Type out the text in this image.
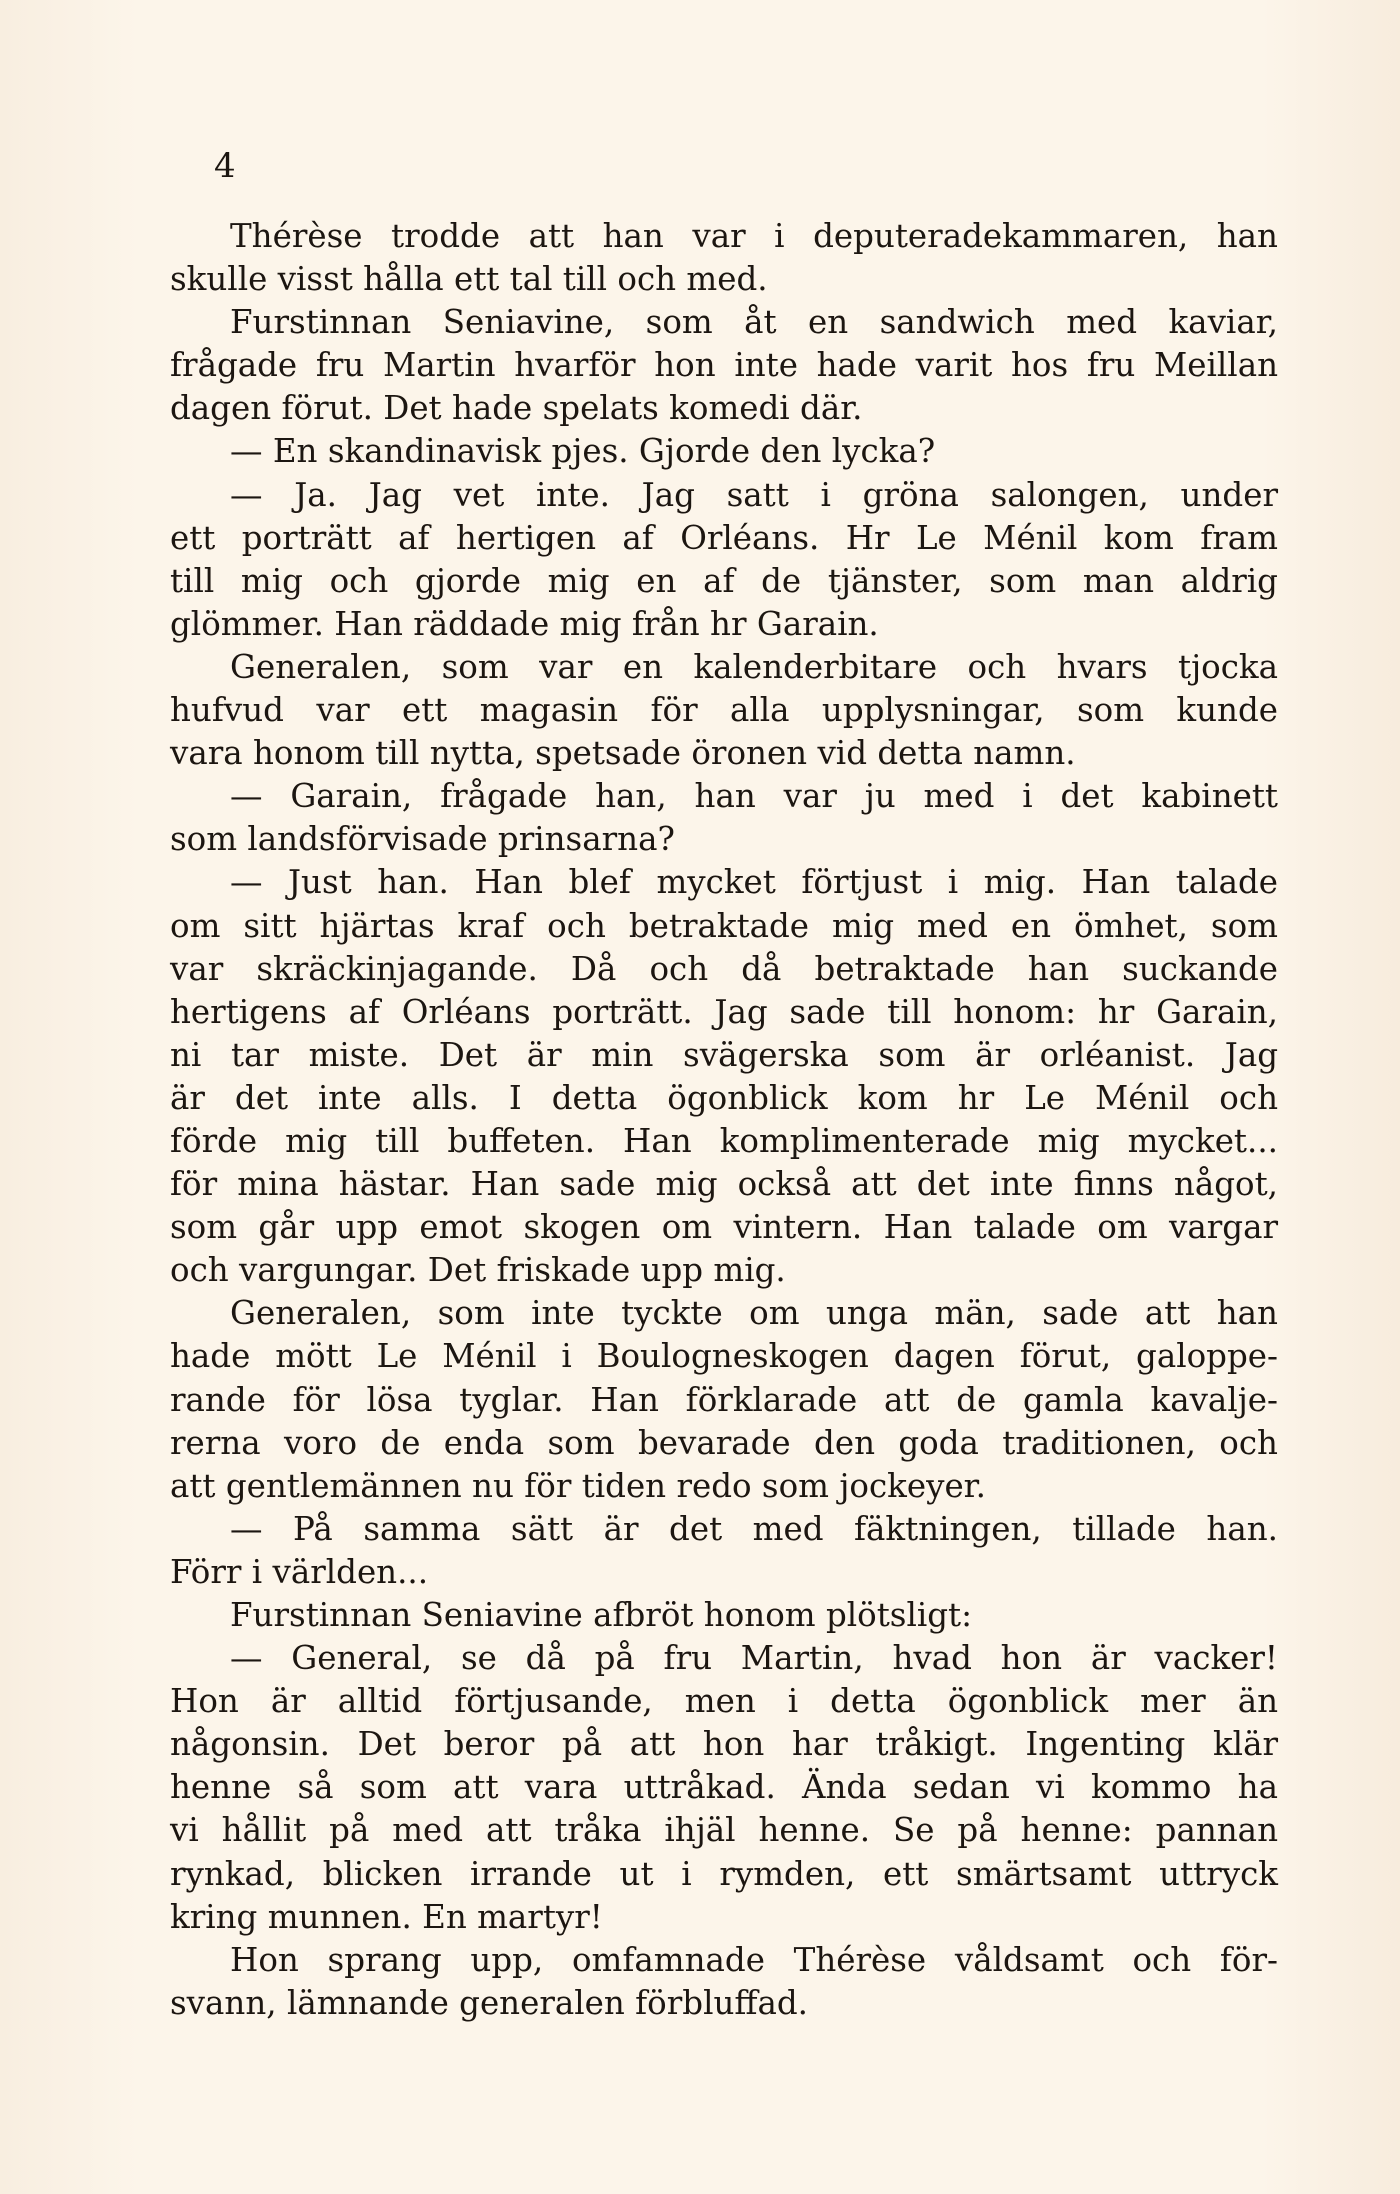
4
Thérèse trodde att han var i deputeradekammaren, han
skulle visst hålla ett tal till och med.
Furstinnan Seniavine, som åt en sandwich med kaviar,
frågade fru Martin hvarför hon inte hade varit hos fru Meillan
dagen förut. Det hade spelats komedi där.
— En skandinavisk pjes. Gjorde den lycka?
— Ja. Jag vet inte. Jag satt i gröna salongen, under
ett porträtt af hertigen af Orléans. Hr Le Ménil kom fram
till mig och gjorde mig en af de tjänster, som man aldrig
glömmer. Han räddade mig från hr Garain.
Generalen, som var en kalenderbitare och hvars tjocka
hufvud var ett magasin för alla upplysningar, som kunde
vara honom till nytta, spetsade öronen vid detta namn.
— Garain, frågade han, han var ju med i det kabinett
som landsförvisade prinsarna?
— Just han. Han blef mycket förtjust i mig. Han talade
om sitt hjärtas kraf och betraktade mig med en ömhet, som
var skräckinjagande. Då och då betraktade han suckande
hertigens af Orléans porträtt. Jag sade till honom: hr Garain,
ni tar miste. Det är min svägerska som är orléanist. Jag
är det inte alls. I detta ögonblick kom hr Le Ménil och
förde mig till buffeten. Han komplimenterade mig mycket...
för mina hästar. Han sade mig också att det inte finns något,
som går upp emot skogen om vintern. Han talade om vargar
och vargungar. Det friskade upp mig.
Generalen, som inte tyckte om unga män, sade att han
hade mött Le Ménil i Boulogneskogen dagen förut, galoppe-
rande för lösa tyglar. Han förklarade att de gamla kavalje-
rerna voro de enda som bevarade den goda traditionen, och
att gentlemännen nu för tiden redo som jockeyer.
— På samma sätt är det med fäktningen, tillade han.
Förr i världen...
Furstinnan Seniavine afbröt honom plötsligt:
— General, se då på fru Martin, hvad hon är vacker!
Hon är alltid förtjusande, men i detta ögonblick mer än
någonsin. Det beror på att hon har tråkigt. Ingenting klär
henne så som att vara uttråkad. Ända sedan vi kommo ha
vi hållit på med att tråka ihjäl henne. Se på henne: pannan
rynkad, blicken irrande ut i rymden, ett smärtsamt uttryck
kring munnen. En martyr!
Hon sprang upp, omfamnade Thérèse våldsamt och för-
svann, lämnande generalen förbluffad.
